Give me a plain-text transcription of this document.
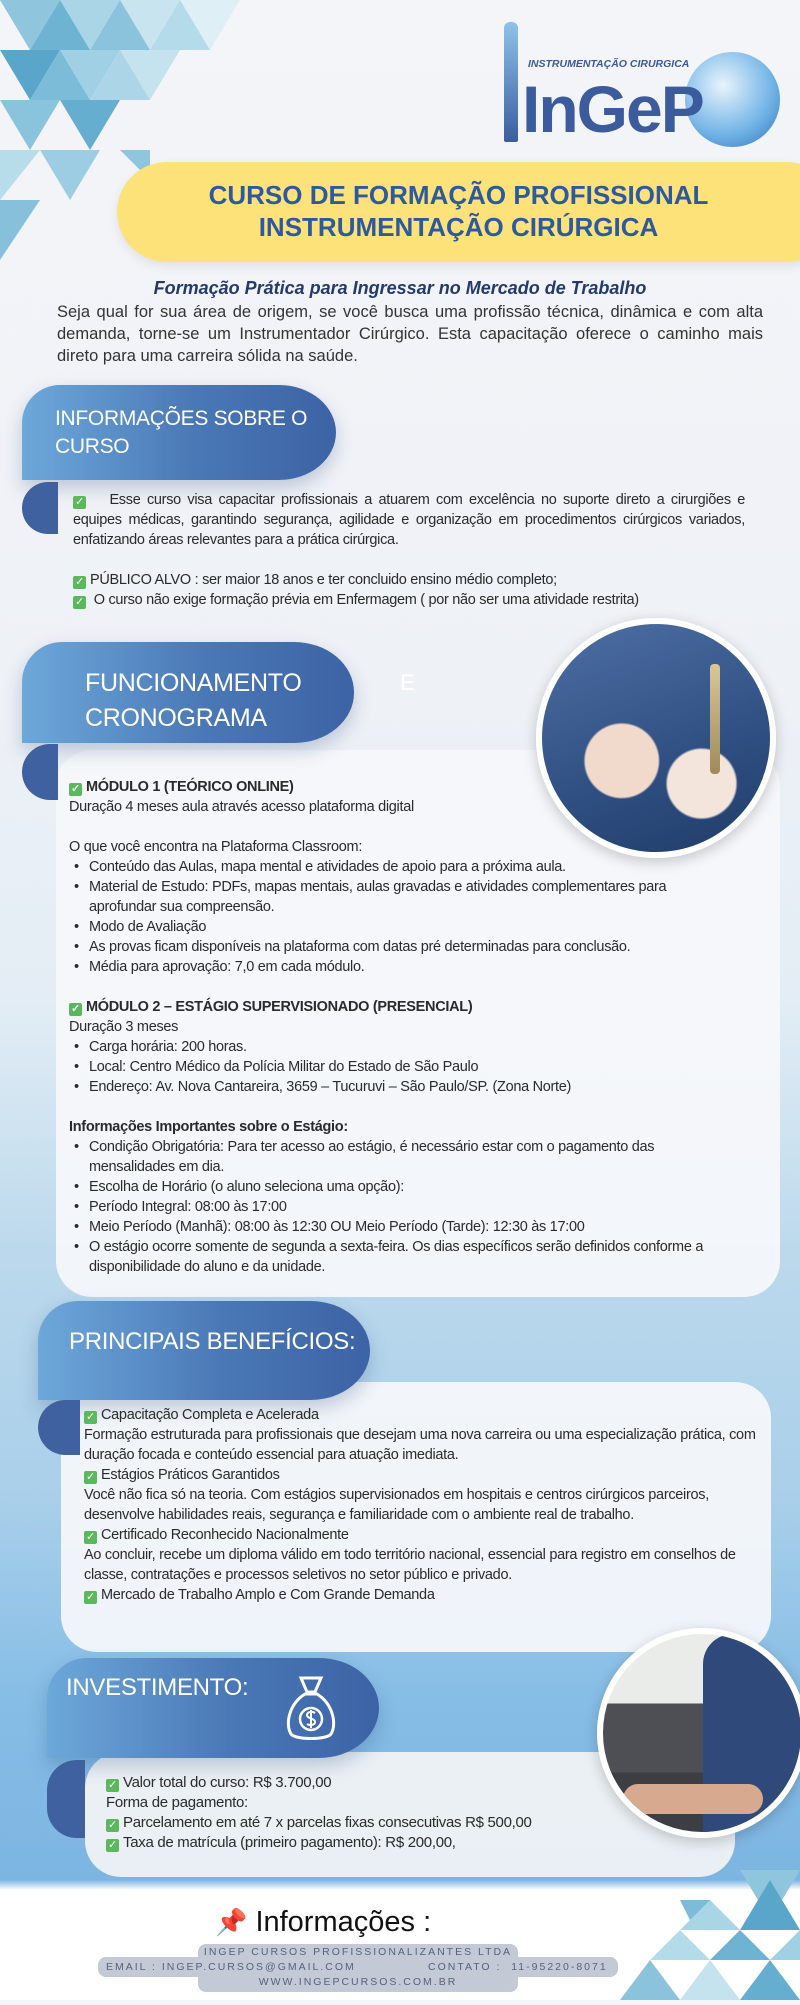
INSTRUMENTAÇÃO CIRURGICA
InGeP
CURSO DE FORMAÇÃO PROFISSIONAL
INSTRUMENTAÇÃO CIRÚRGICA
Formação Prática para Ingressar no Mercado de Trabalho
Seja qual for sua área de origem, se você busca uma profissão técnica, dinâmica e com alta demanda, torne-se um Instrumentador Cirúrgico. Esta capacitação oferece o caminho mais direto para uma carreira sólida na saúde.
INFORMAÇÕES SOBRE O CURSO

✓ Esse curso visa capacitar profissionais a atuarem com excelência no suporte direto a cirurgiões e equipes médicas, garantindo segurança, agilidade e organização em procedimentos cirúrgicos variados, enfatizando áreas relevantes para a prática cirúrgica.

✓ PÚBLICO ALVO : ser maior 18 anos e ter concluido ensino médio completo;

✓ O curso não exige formação prévia em Enfermagem ( por não ser uma atividade restrita)

FUNCIONAMENTO
CRONOGRAMA
E

✓ MÓDULO 1 (TEÓRICO ONLINE)

Duração 4 meses aula através acesso plataforma digital

O que você encontra na Plataforma Classroom:

• Conteúdo das Aulas, mapa mental e atividades de apoio para a próxima aula.
• Material de Estudo: PDFs, mapas mentais, aulas gravadas e atividades complementares para aprofundar sua compreensão.
• Modo de Avaliação
• As provas ficam disponíveis na plataforma com datas pré determinadas para conclusão.
• Média para aprovação: 7,0 em cada módulo.

✓ MÓDULO 2 – ESTÁGIO SUPERVISIONADO (PRESENCIAL)

Duração 3 meses

• Carga horária: 200 horas.
• Local: Centro Médico da Polícia Militar do Estado de São Paulo
• Endereço: Av. Nova Cantareira, 3659 – Tucuruvi – São Paulo/SP. (Zona Norte)

Informações Importantes sobre o Estágio:

• Condição Obrigatória: Para ter acesso ao estágio, é necessário estar com o pagamento das mensalidades em dia.
• Escolha de Horário (o aluno seleciona uma opção):
• Período Integral: 08:00 às 17:00
• Meio Período (Manhã): 08:00 às 12:30 OU Meio Período (Tarde): 12:30 às 17:00
• O estágio ocorre somente de segunda a sexta-feira. Os dias específicos serão definidos conforme a disponibilidade do aluno e da unidade.
PRINCIPAIS BENEFÍCIOS:

✓ Capacitação Completa e Acelerada

Formação estruturada para profissionais que desejam uma nova carreira ou uma especialização prática, com duração focada e conteúdo essencial para atuação imediata.

✓ Estágios Práticos Garantidos

Você não fica só na teoria. Com estágios supervisionados em hospitais e centros cirúrgicos parceiros, desenvolve habilidades reais, segurança e familiaridade com o ambiente real de trabalho.

✓ Certificado Reconhecido Nacionalmente

Ao concluir, recebe um diploma válido em todo território nacional, essencial para registro em conselhos de classe, contratações e processos seletivos no setor público e privado.

✓ Mercado de Trabalho Amplo e Com Grande Demanda

INVESTIMENTO:

✓ Valor total do curso: R$ 3.700,00

Forma de pagamento:

✓ Parcelamento em até 7 x parcelas fixas consecutivas R$ 500,00

✓ Taxa de matrícula (primeiro pagamento): R$ 200,00,

📌 Informações :
INGEP CURSOS PROFISSIONALIZANTES LTDA
EMAIL : INGEP.CURSOS@GMAIL.COM	CONTATO :  11-95220-8071
WWW.INGEPCURSOS.COM.BR
